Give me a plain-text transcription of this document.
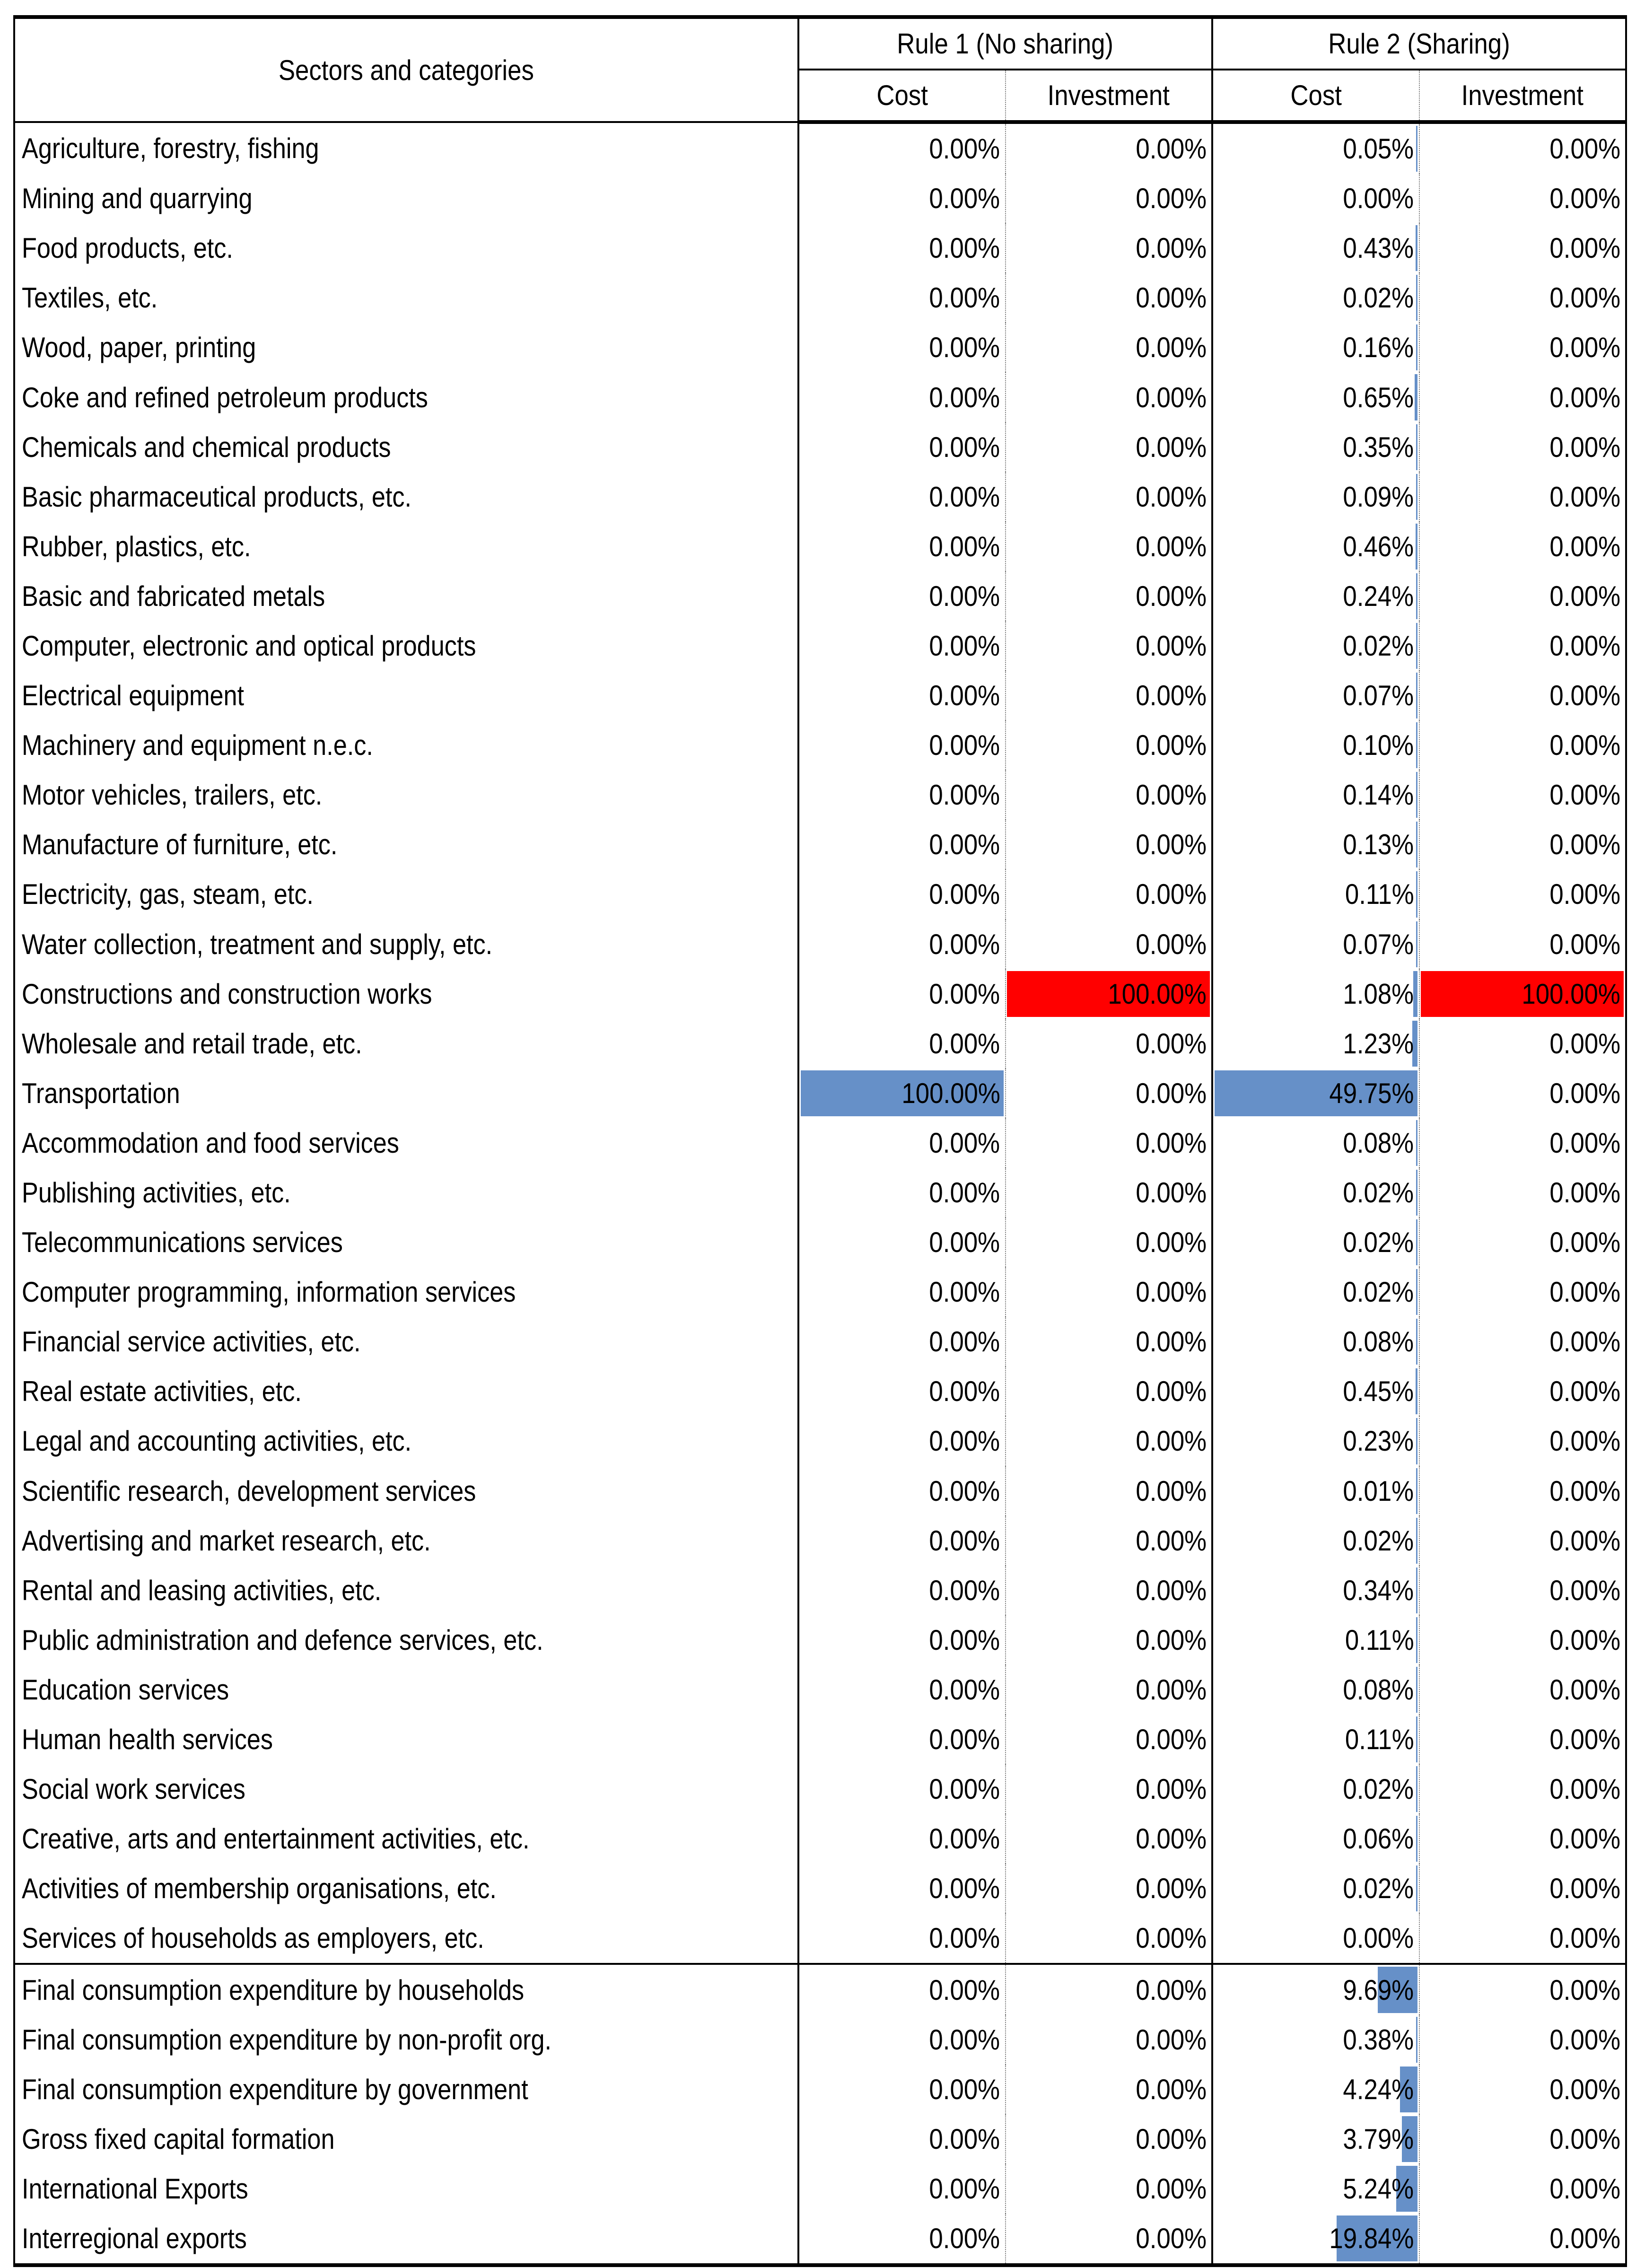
Sectors and categories	Rule 1 (No sharing)		Rule 2 (Sharing)	
	Cost	Investment	Cost	Investment
Agriculture, forestry, fishing	0.00%	0.00%	0.05%	0.00%
Mining and quarrying	0.00%	0.00%	0.00%	0.00%
Food products, etc.	0.00%	0.00%	0.43%	0.00%
Textiles, etc.	0.00%	0.00%	0.02%	0.00%
Wood, paper, printing	0.00%	0.00%	0.16%	0.00%
Coke and refined petroleum products	0.00%	0.00%	0.65%	0.00%
Chemicals and chemical products	0.00%	0.00%	0.35%	0.00%
Basic pharmaceutical products, etc.	0.00%	0.00%	0.09%	0.00%
Rubber, plastics, etc.	0.00%	0.00%	0.46%	0.00%
Basic and fabricated metals	0.00%	0.00%	0.24%	0.00%
Computer, electronic and optical products	0.00%	0.00%	0.02%	0.00%
Electrical equipment	0.00%	0.00%	0.07%	0.00%
Machinery and equipment n.e.c.	0.00%	0.00%	0.10%	0.00%
Motor vehicles, trailers, etc.	0.00%	0.00%	0.14%	0.00%
Manufacture of furniture, etc.	0.00%	0.00%	0.13%	0.00%
Electricity, gas, steam, etc.	0.00%	0.00%	0.11%	0.00%
Water collection, treatment and supply, etc.	0.00%	0.00%	0.07%	0.00%
Constructions and construction works	0.00%	100.00%	1.08%	100.00%
Wholesale and retail trade, etc.	0.00%	0.00%	1.23%	0.00%
Transportation	100.00%	0.00%	49.75%	0.00%
Accommodation and food services	0.00%	0.00%	0.08%	0.00%
Publishing activities, etc.	0.00%	0.00%	0.02%	0.00%
Telecommunications services	0.00%	0.00%	0.02%	0.00%
Computer programming, information services	0.00%	0.00%	0.02%	0.00%
Financial service activities, etc.	0.00%	0.00%	0.08%	0.00%
Real estate activities, etc.	0.00%	0.00%	0.45%	0.00%
Legal and accounting activities, etc.	0.00%	0.00%	0.23%	0.00%
Scientific research, development services	0.00%	0.00%	0.01%	0.00%
Advertising and market research, etc.	0.00%	0.00%	0.02%	0.00%
Rental and leasing activities, etc.	0.00%	0.00%	0.34%	0.00%
Public administration and defence services, etc.	0.00%	0.00%	0.11%	0.00%
Education services	0.00%	0.00%	0.08%	0.00%
Human health services	0.00%	0.00%	0.11%	0.00%
Social work services	0.00%	0.00%	0.02%	0.00%
Creative, arts and entertainment activities, etc.	0.00%	0.00%	0.06%	0.00%
Activities of membership organisations, etc.	0.00%	0.00%	0.02%	0.00%
Services of households as employers, etc.	0.00%	0.00%	0.00%	0.00%
Final consumption expenditure by households	0.00%	0.00%	9.69%	0.00%
Final consumption expenditure by non-profit org.	0.00%	0.00%	0.38%	0.00%
Final consumption expenditure by government	0.00%	0.00%	4.24%	0.00%
Gross fixed capital formation	0.00%	0.00%	3.79%	0.00%
International Exports	0.00%	0.00%	5.24%	0.00%
Interregional exports	0.00%	0.00%	19.84%	0.00%
